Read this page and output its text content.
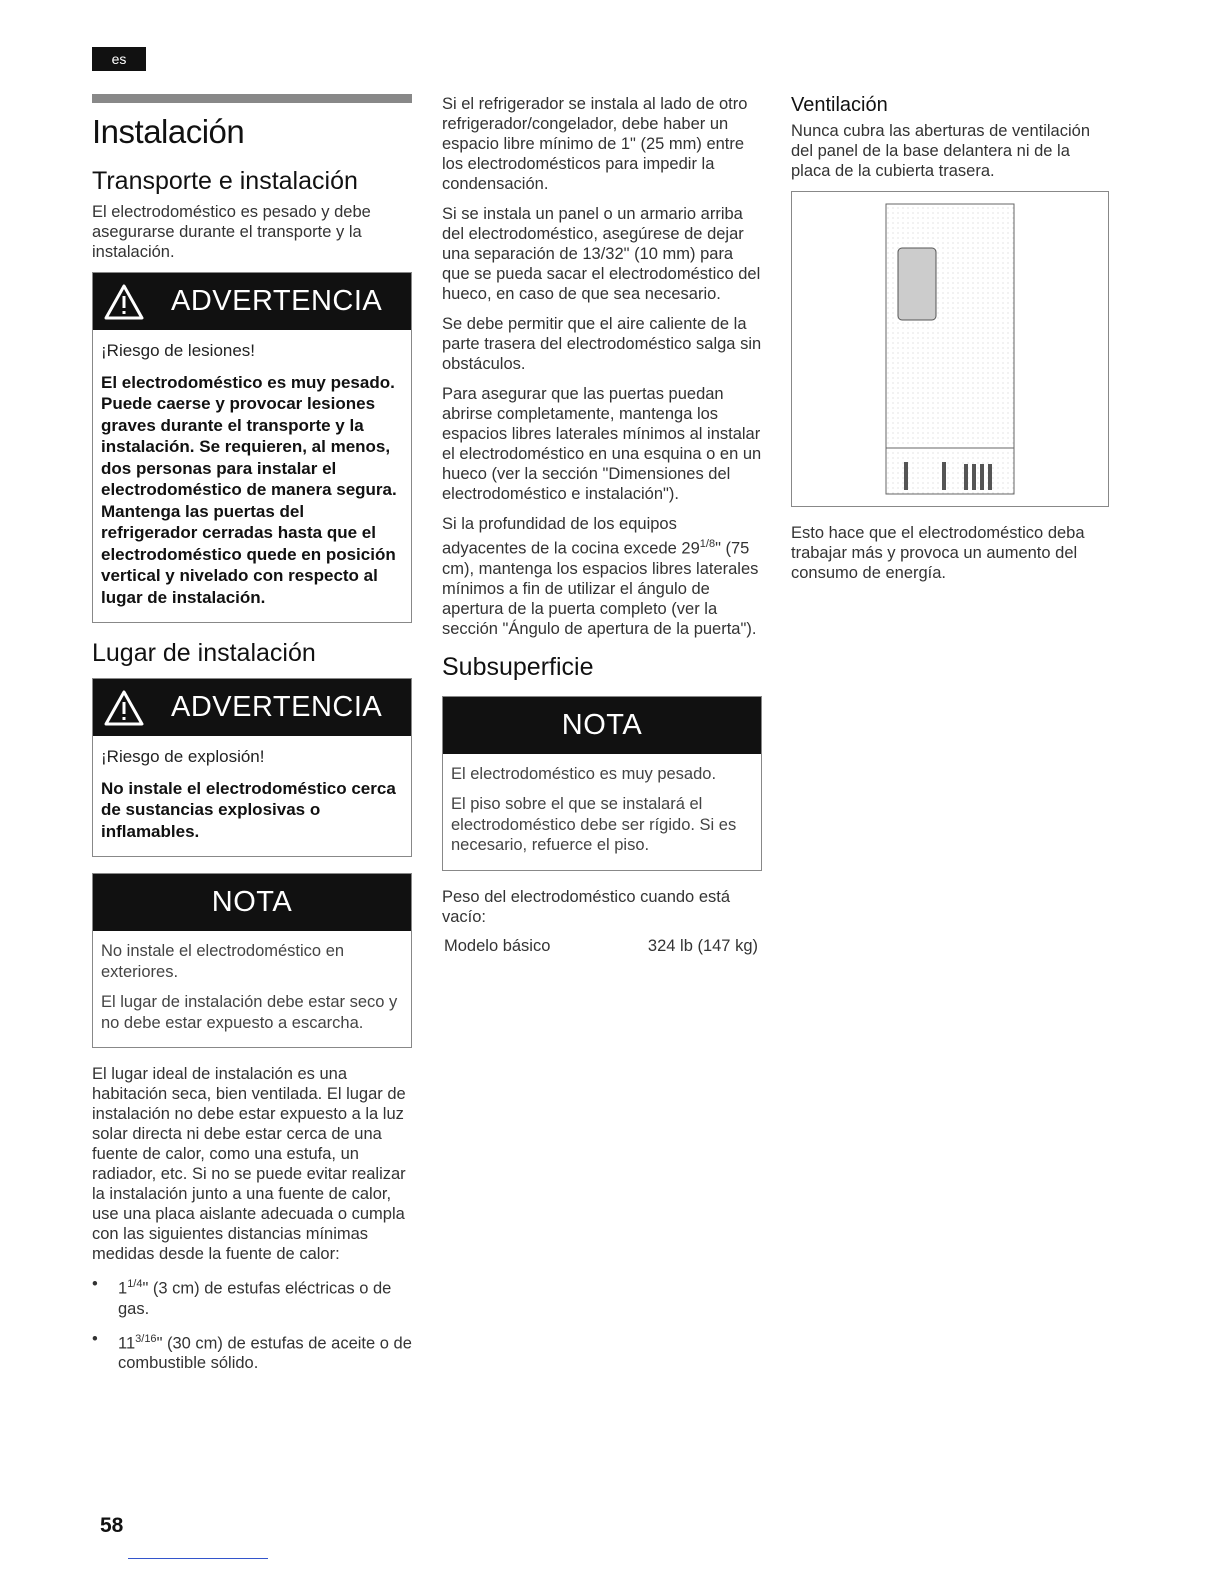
es
Instalación
Transporte e instalación

El electrodoméstico es pesado y debe asegurarse durante el transporte y la instalación.

ADVERTENCIA

¡Riesgo de lesiones!

El electrodoméstico es muy pesado. Puede caerse y provocar lesiones graves durante el transporte y la instalación. Se requieren, al menos, dos personas para instalar el electrodoméstico de manera segura. Mantenga las puertas del refrigerador cerradas hasta que el electrodoméstico quede en posición vertical y nivelado con respecto al lugar de instalación.

Lugar de instalación
ADVERTENCIA

¡Riesgo de explosión!

No instale el electrodoméstico cerca de sustancias explosivas o inflamables.

NOTA

No instale el electrodoméstico en exteriores.

El lugar de instalación debe estar seco y no debe estar expuesto a escarcha.

El lugar ideal de instalación es una habitación seca, bien ventilada. El lugar de instalación no debe estar expuesto a la luz solar directa ni debe estar cerca de una fuente de calor, como una estufa, un radiador, etc. Si no se puede evitar realizar la instalación junto a una fuente de calor, use una placa aislante adecuada o cumpla con las siguientes distancias mínimas medidas desde la fuente de calor:

• $1^{1/4}$" (3 cm) de estufas eléctricas o de gas.
• $11^{3/16}$" (30 cm) de estufas de aceite o de combustible sólido.

Si el refrigerador se instala al lado de otro refrigerador/congelador, debe haber un espacio libre mínimo de 1" (25 mm) entre los electrodomésticos para impedir la condensación.

Si se instala un panel o un armario arriba del electrodoméstico, asegúrese de dejar una separación de 13/32" (10 mm) para que se pueda sacar el electrodoméstico del hueco, en caso de que sea necesario.

Se debe permitir que el aire caliente de la parte trasera del electrodoméstico salga sin obstáculos.

Para asegurar que las puertas puedan abrirse completamente, mantenga los espacios libres laterales mínimos al instalar el electrodoméstico en una esquina o en un hueco (ver la sección "Dimensiones del electrodoméstico e instalación").

Si la profundidad de los equipos adyacentes de la cocina excede $29^{1/8}$" (75 cm), mantenga los espacios libres laterales mínimos a fin de utilizar el ángulo de apertura de la puerta completo (ver la sección "Ángulo de apertura de la puerta").

Subsuperficie
NOTA

El electrodoméstico es muy pesado.

El piso sobre el que se instalará el electrodoméstico debe ser rígido. Si es necesario, refuerce el piso.

Peso del electrodoméstico cuando está vacío:

Modelo básico	324 lb (147 kg)
Ventilación

Nunca cubra las aberturas de ventilación del panel de la base delantera ni de la placa de la cubierta trasera.

Esto hace que el electrodoméstico deba trabajar más y provoca un aumento del consumo de energía.

58
